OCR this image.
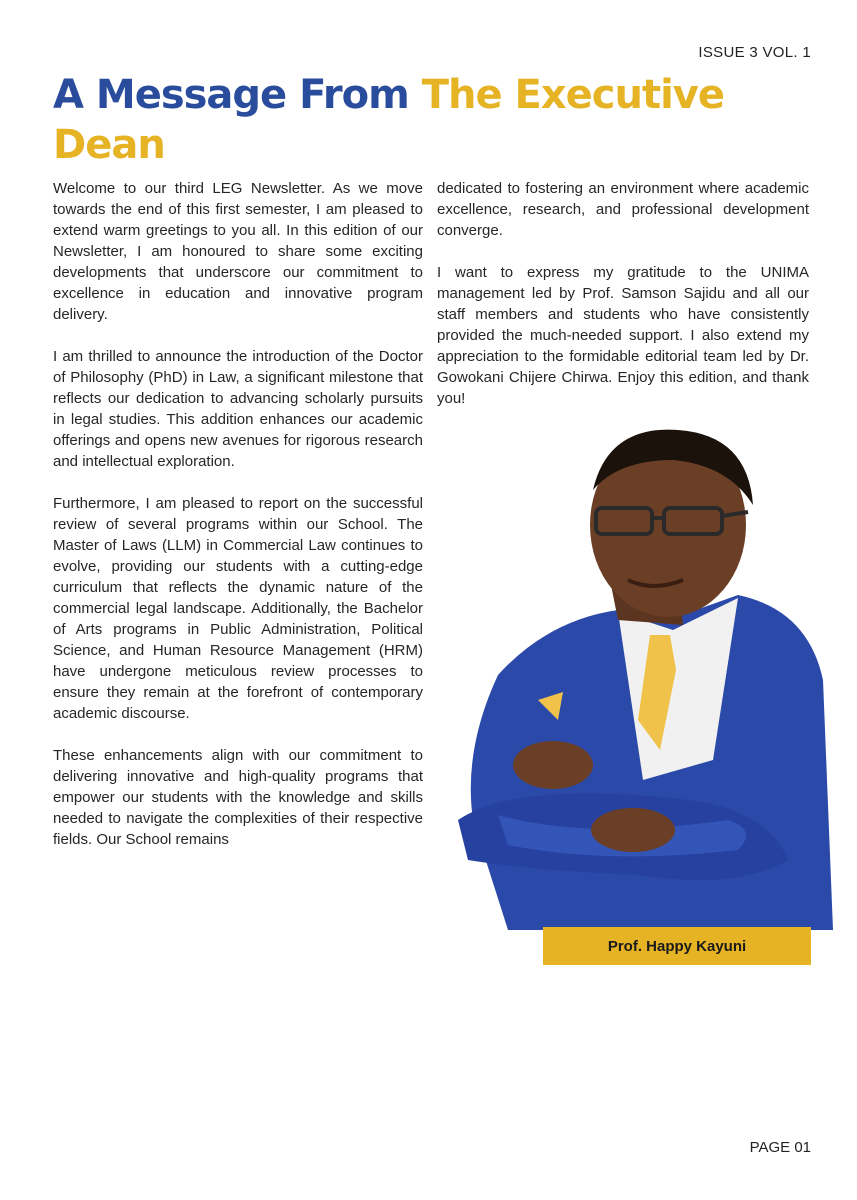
ISSUE 3 VOL. 1
A Message From The Executive Dean

Welcome to our third LEG Newsletter. As we move towards the end of this first semester, I am pleased to extend warm greetings to you all. In this edition of our Newsletter, I am honoured to share some exciting developments that underscore our commitment to excellence in education and innovative program delivery.

I am thrilled to announce the introduction of the Doctor of Philosophy (PhD) in Law, a significant milestone that reflects our dedication to advancing scholarly pursuits in legal studies. This addition enhances our academic offerings and opens new avenues for rigorous research and intellectual exploration.

Furthermore, I am pleased to report on the successful review of several programs within our School. The Master of Laws (LLM) in Commercial Law continues to evolve, providing our students with a cutting-edge curriculum that reflects the dynamic nature of the commercial legal landscape. Additionally, the Bachelor of Arts programs in Public Administration, Political Science, and Human Resource Management (HRM) have undergone meticulous review processes to ensure they remain at the forefront of contemporary academic discourse.

These enhancements align with our commitment to delivering innovative and high-quality programs that empower our students with the knowledge and skills needed to navigate the complexities of their respective fields. Our School remains

dedicated to fostering an environment where academic excellence, research, and professional development converge.

I want to express my gratitude to the UNIMA management led by Prof. Samson Sajidu and all our staff members and students who have consistently provided the much-needed support. I also extend my appreciation to the formidable editorial team led by Dr. Gowokani Chijere Chirwa. Enjoy this edition, and thank you!

Prof. Happy Kayuni
PAGE 01
